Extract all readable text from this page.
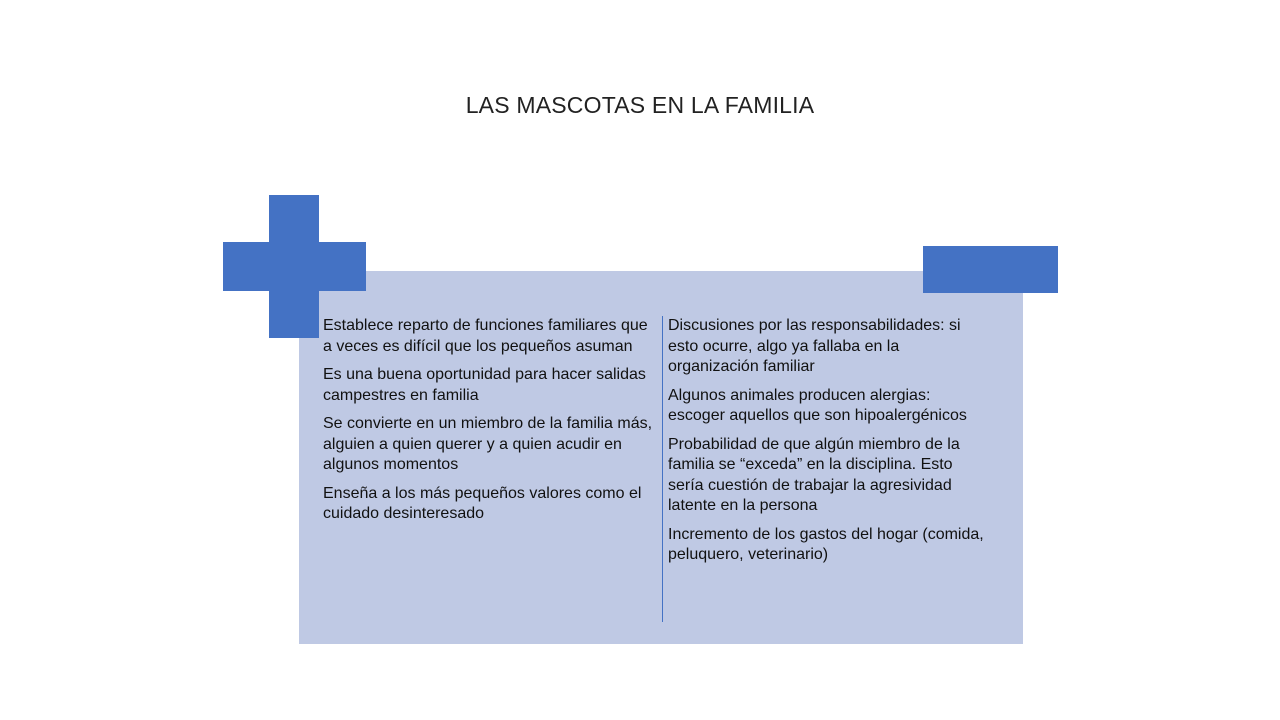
LAS MASCOTAS EN LA FAMILIA
Establece reparto de funciones familiares que a veces es difícil que los pequeños asuman
Es una buena oportunidad para hacer salidas campestres en familia
Se convierte en un miembro de la familia más, alguien a quien querer y a quien acudir en algunos momentos
Enseña a los más pequeños valores como el cuidado desinteresado
Discusiones por las responsabilidades: si esto ocurre, algo ya fallaba en la organización familiar
Algunos animales producen alergias: escoger aquellos que son hipoalergénicos
Probabilidad de que algún miembro de la familia se “exceda” en la disciplina. Esto sería cuestión de trabajar la agresividad latente en la persona
Incremento de los gastos del hogar (comida, peluquero, veterinario)
